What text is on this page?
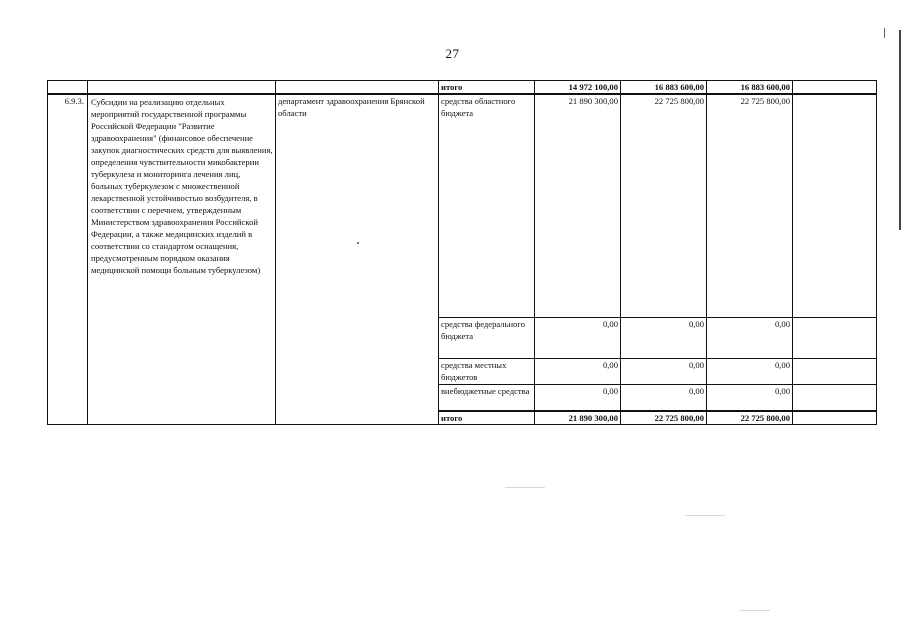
27
			итого	14 972 100,00	16 883 600,00	16 883 600,00	
6.9.3.	Субсидии на реализацию отдельных мероприятий государственной программы Российской Федерации "Развитие здравоохранения" (финансовое обеспечение закупок диагностических средств для выявления, определения чувствительности микобактерии туберкулеза и мониторинга лечения лиц, больных туберкулезом с множественной лекарственной устойчивостью возбудителя, в соответствии с перечнем, утвержденным Министерством здравоохранения Российской Федерации, а также медицинских изделий в соответствии со стандартом оснащения, предусмотренным порядком оказания медицинской помощи больным туберкулезом)	департамент здравоохранения Брянской области	средства областного бюджета	21 890 300,00	22 725 800,00	22 725 800,00	
			средства федерального бюджета	0,00	0,00	0,00	
			средства местных бюджетов	0,00	0,00	0,00	
			внебюджетные средства	0,00	0,00	0,00	
			итого	21 890 300,00	22 725 800,00	22 725 800,00	
